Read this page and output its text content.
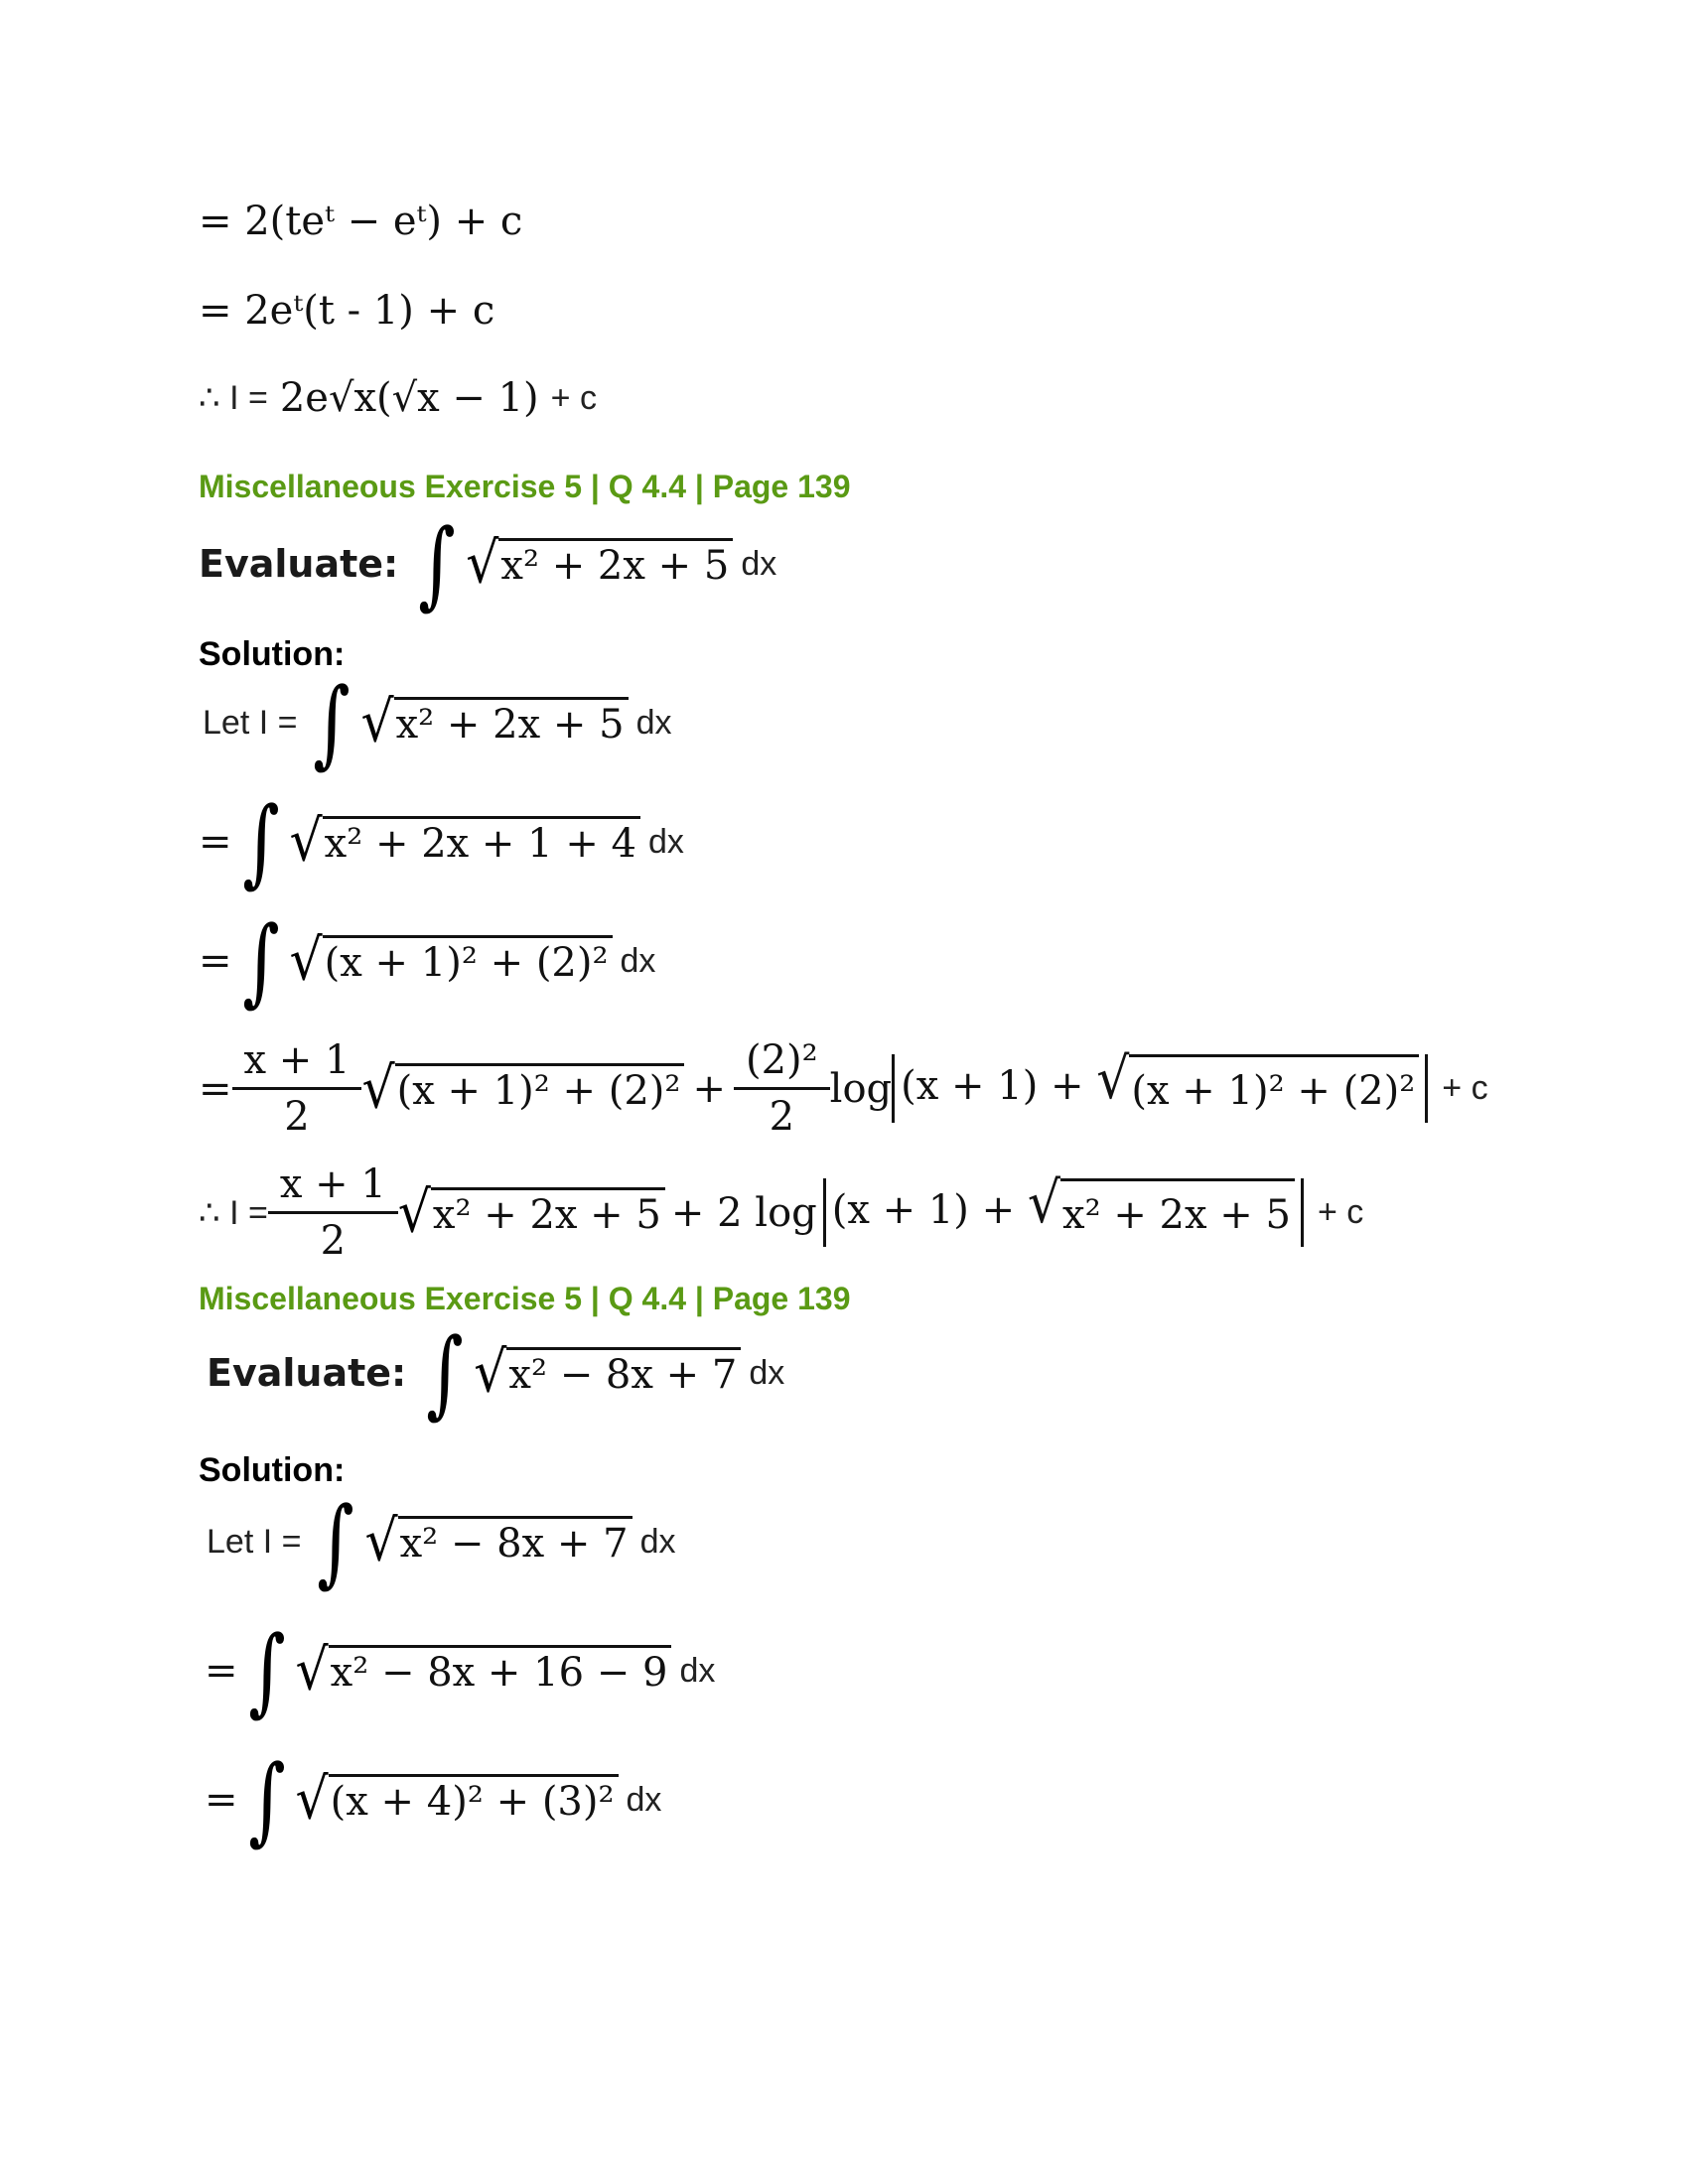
= 2(teᵗ − eᵗ) + c
= 2eᵗ(t - 1) + c
∴ I = 2e√x(√x − 1) + c
Miscellaneous Exercise 5 | Q 4.4 | Page 139
Evaluate: ∫ √ x² + 2x + 5 dx
Solution:
Let I = ∫ √ x² + 2x + 5 dx
= ∫ √ x² + 2x + 1 + 4 dx
= ∫ √ (x + 1)² + (2)² dx
= $\frac{x + 1}{2}$ √ $(x + 1)^2 + (2)^2 + \frac{\text{(2)²}}{2}$ log (x + 1) + √ (x + 1)² + (2)² + c
∴ $I = \frac{x + 1}{2}$ √ x² + 2x + 5 + 2 log (x + 1) + √ x² + 2x + 5 + c
Miscellaneous Exercise 5 | Q 4.4 | Page 139
Evaluate: ∫ √ x² − 8x + 7 dx
Solution:
Let I = ∫ √ x² − 8x + 7 dx
= ∫ √ x² − 8x + 16 − 9 dx
= ∫ √ (x + 4)² + (3)² dx
